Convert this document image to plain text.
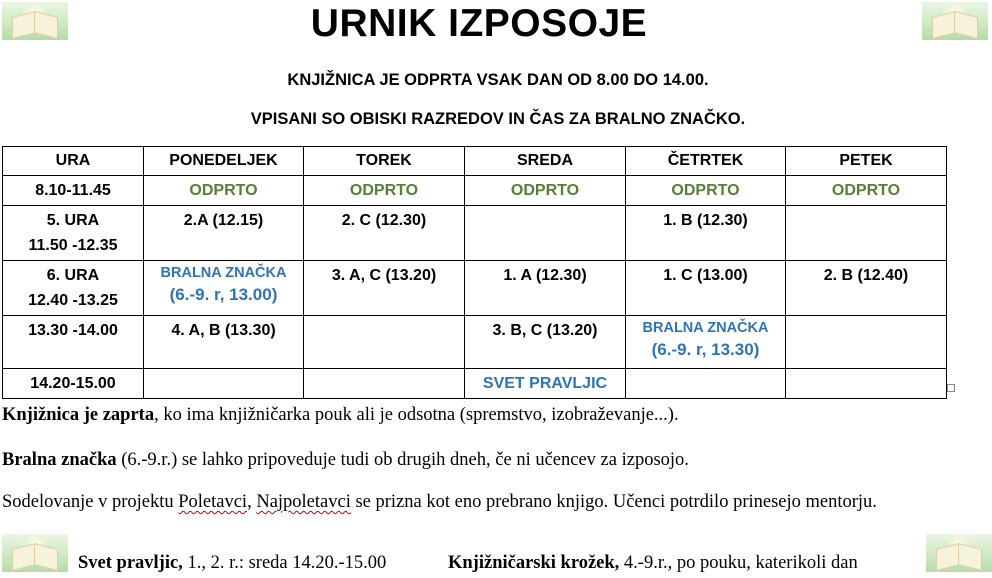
URNIK IZPOSOJE
KNJIŽNICA JE ODPRTA VSAK DAN OD 8.00 DO 14.00.
VPISANI SO OBISKI RAZREDOV IN ČAS ZA BRALNO ZNAČKO.
URA	PONEDELJEK	TOREK	SREDA	ČETRTEK	PETEK
8.10-11.45	ODPRTO	ODPRTO	ODPRTO	ODPRTO	ODPRTO

5. URA
11.50 -12.35	2.A (12.15)	2. C (12.30)		1. B (12.30)	

6. URA
12.40 -13.25	BRALNA ZNAČKA
(6.-9. r, 13.00)	3. A, C (13.20)	1. A (12.30)	1. C (13.00)	2. B (12.40)
13.30 -14.00	4. A, B (13.30)		3. B, C (13.20)	BRALNA ZNAČKA
(6.-9. r, 13.30)	

14.20-15.00			SVET PRAVLJIC		
Knjižnica je zaprta, ko ima knjižničarka pouk ali je odsotna (spremstvo, izobraževanje...).
Bralna značka (6.-9.r.) se lahko pripoveduje tudi ob drugih dneh, če ni učencev za izposojo.
Sodelovanje v projektu Poletavci, Najpoletavci se prizna kot eno prebrano knjigo. Učenci potrdilo prinesejo mentorju.
Svet pravljic, 1., 2. r.: sreda 14.20.-15.00	Knjižničarski krožek, 4.-9.r., po pouku, katerikoli dan
